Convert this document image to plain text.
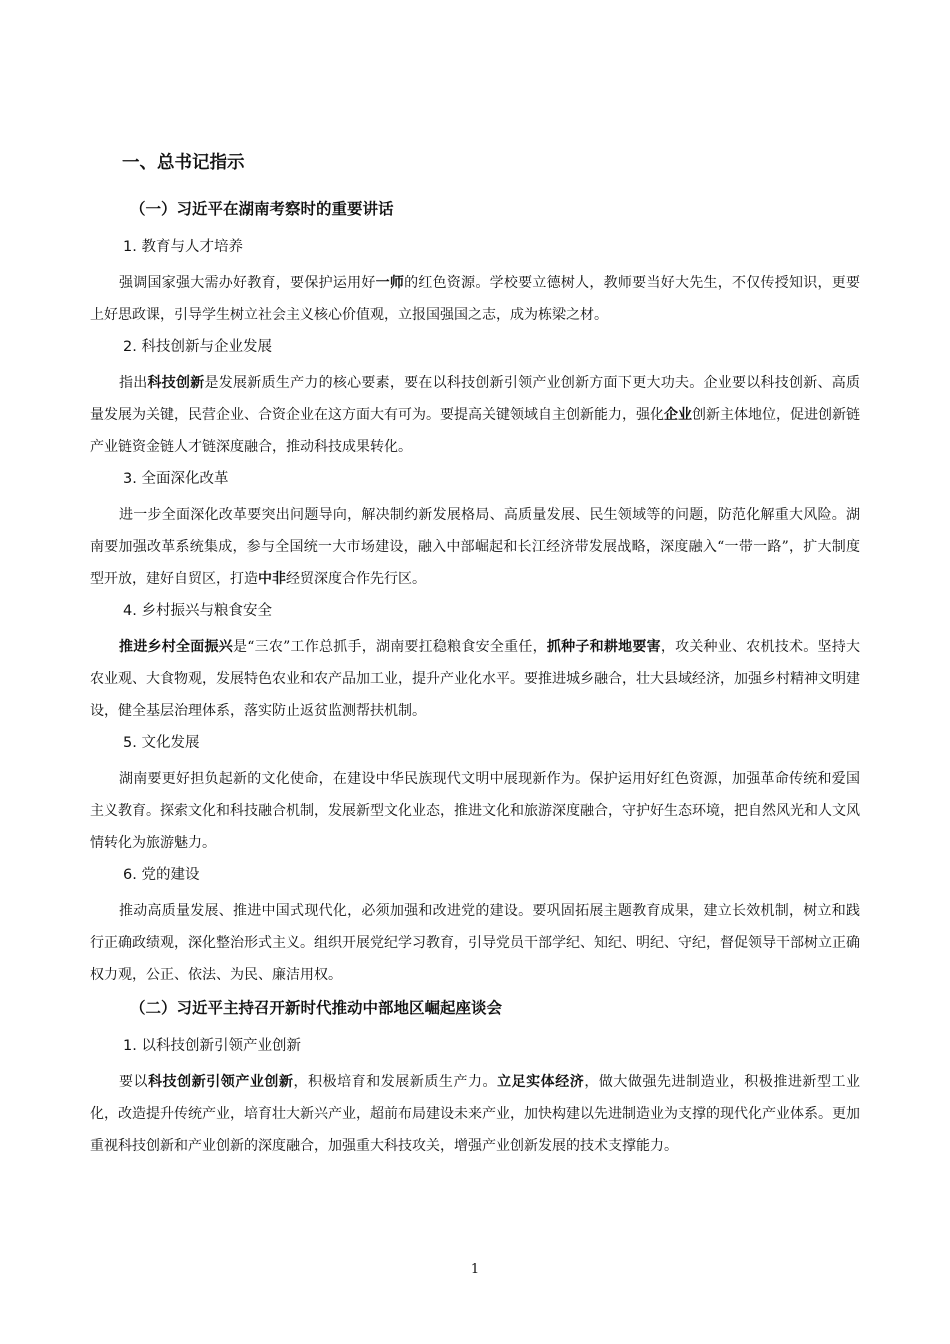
一、总书记指示
（一）习近平在湖南考察时的重要讲话
1. 教育与人才培养

强调国家强大需办好教育，要保护运用好一师的红色资源。学校要立德树人，教师要当好大先生，不仅传授知识，更要上好思政课，引导学生树立社会主义核心价值观，立报国强国之志，成为栋梁之材。

2. 科技创新与企业发展

指出科技创新是发展新质生产力的核心要素，要在以科技创新引领产业创新方面下更大功夫。企业要以科技创新、高质量发展为关键，民营企业、合资企业在这方面大有可为。要提高关键领域自主创新能力，强化企业创新主体地位，促进创新链产业链资金链人才链深度融合，推动科技成果转化。

3. 全面深化改革

进一步全面深化改革要突出问题导向，解决制约新发展格局、高质量发展、民生领域等的问题，防范化解重大风险。湖南要加强改革系统集成，参与全国统一大市场建设，融入中部崛起和长江经济带发展战略，深度融入“一带一路”，扩大制度型开放，建好自贸区，打造中非经贸深度合作先行区。

4. 乡村振兴与粮食安全

推进乡村全面振兴是“三农”工作总抓手，湖南要扛稳粮食安全重任，抓种子和耕地要害，攻关种业、农机技术。坚持大农业观、大食物观，发展特色农业和农产品加工业，提升产业化水平。要推进城乡融合，壮大县域经济，加强乡村精神文明建设，健全基层治理体系，落实防止返贫监测帮扶机制。

5. 文化发展

湖南要更好担负起新的文化使命，在建设中华民族现代文明中展现新作为。保护运用好红色资源，加强革命传统和爱国主义教育。探索文化和科技融合机制，发展新型文化业态，推进文化和旅游深度融合，守护好生态环境，把自然风光和人文风情转化为旅游魅力。

6. 党的建设

推动高质量发展、推进中国式现代化，必须加强和改进党的建设。要巩固拓展主题教育成果，建立长效机制，树立和践行正确政绩观，深化整治形式主义。组织开展党纪学习教育，引导党员干部学纪、知纪、明纪、守纪，督促领导干部树立正确权力观，公正、依法、为民、廉洁用权。

（二）习近平主持召开新时代推动中部地区崛起座谈会
1. 以科技创新引领产业创新

要以科技创新引领产业创新，积极培育和发展新质生产力。立足实体经济，做大做强先进制造业，积极推进新型工业化，改造提升传统产业，培育壮大新兴产业，超前布局建设未来产业，加快构建以先进制造业为支撑的现代化产业体系。更加重视科技创新和产业创新的深度融合，加强重大科技攻关，增强产业创新发展的技术支撑能力。

1
